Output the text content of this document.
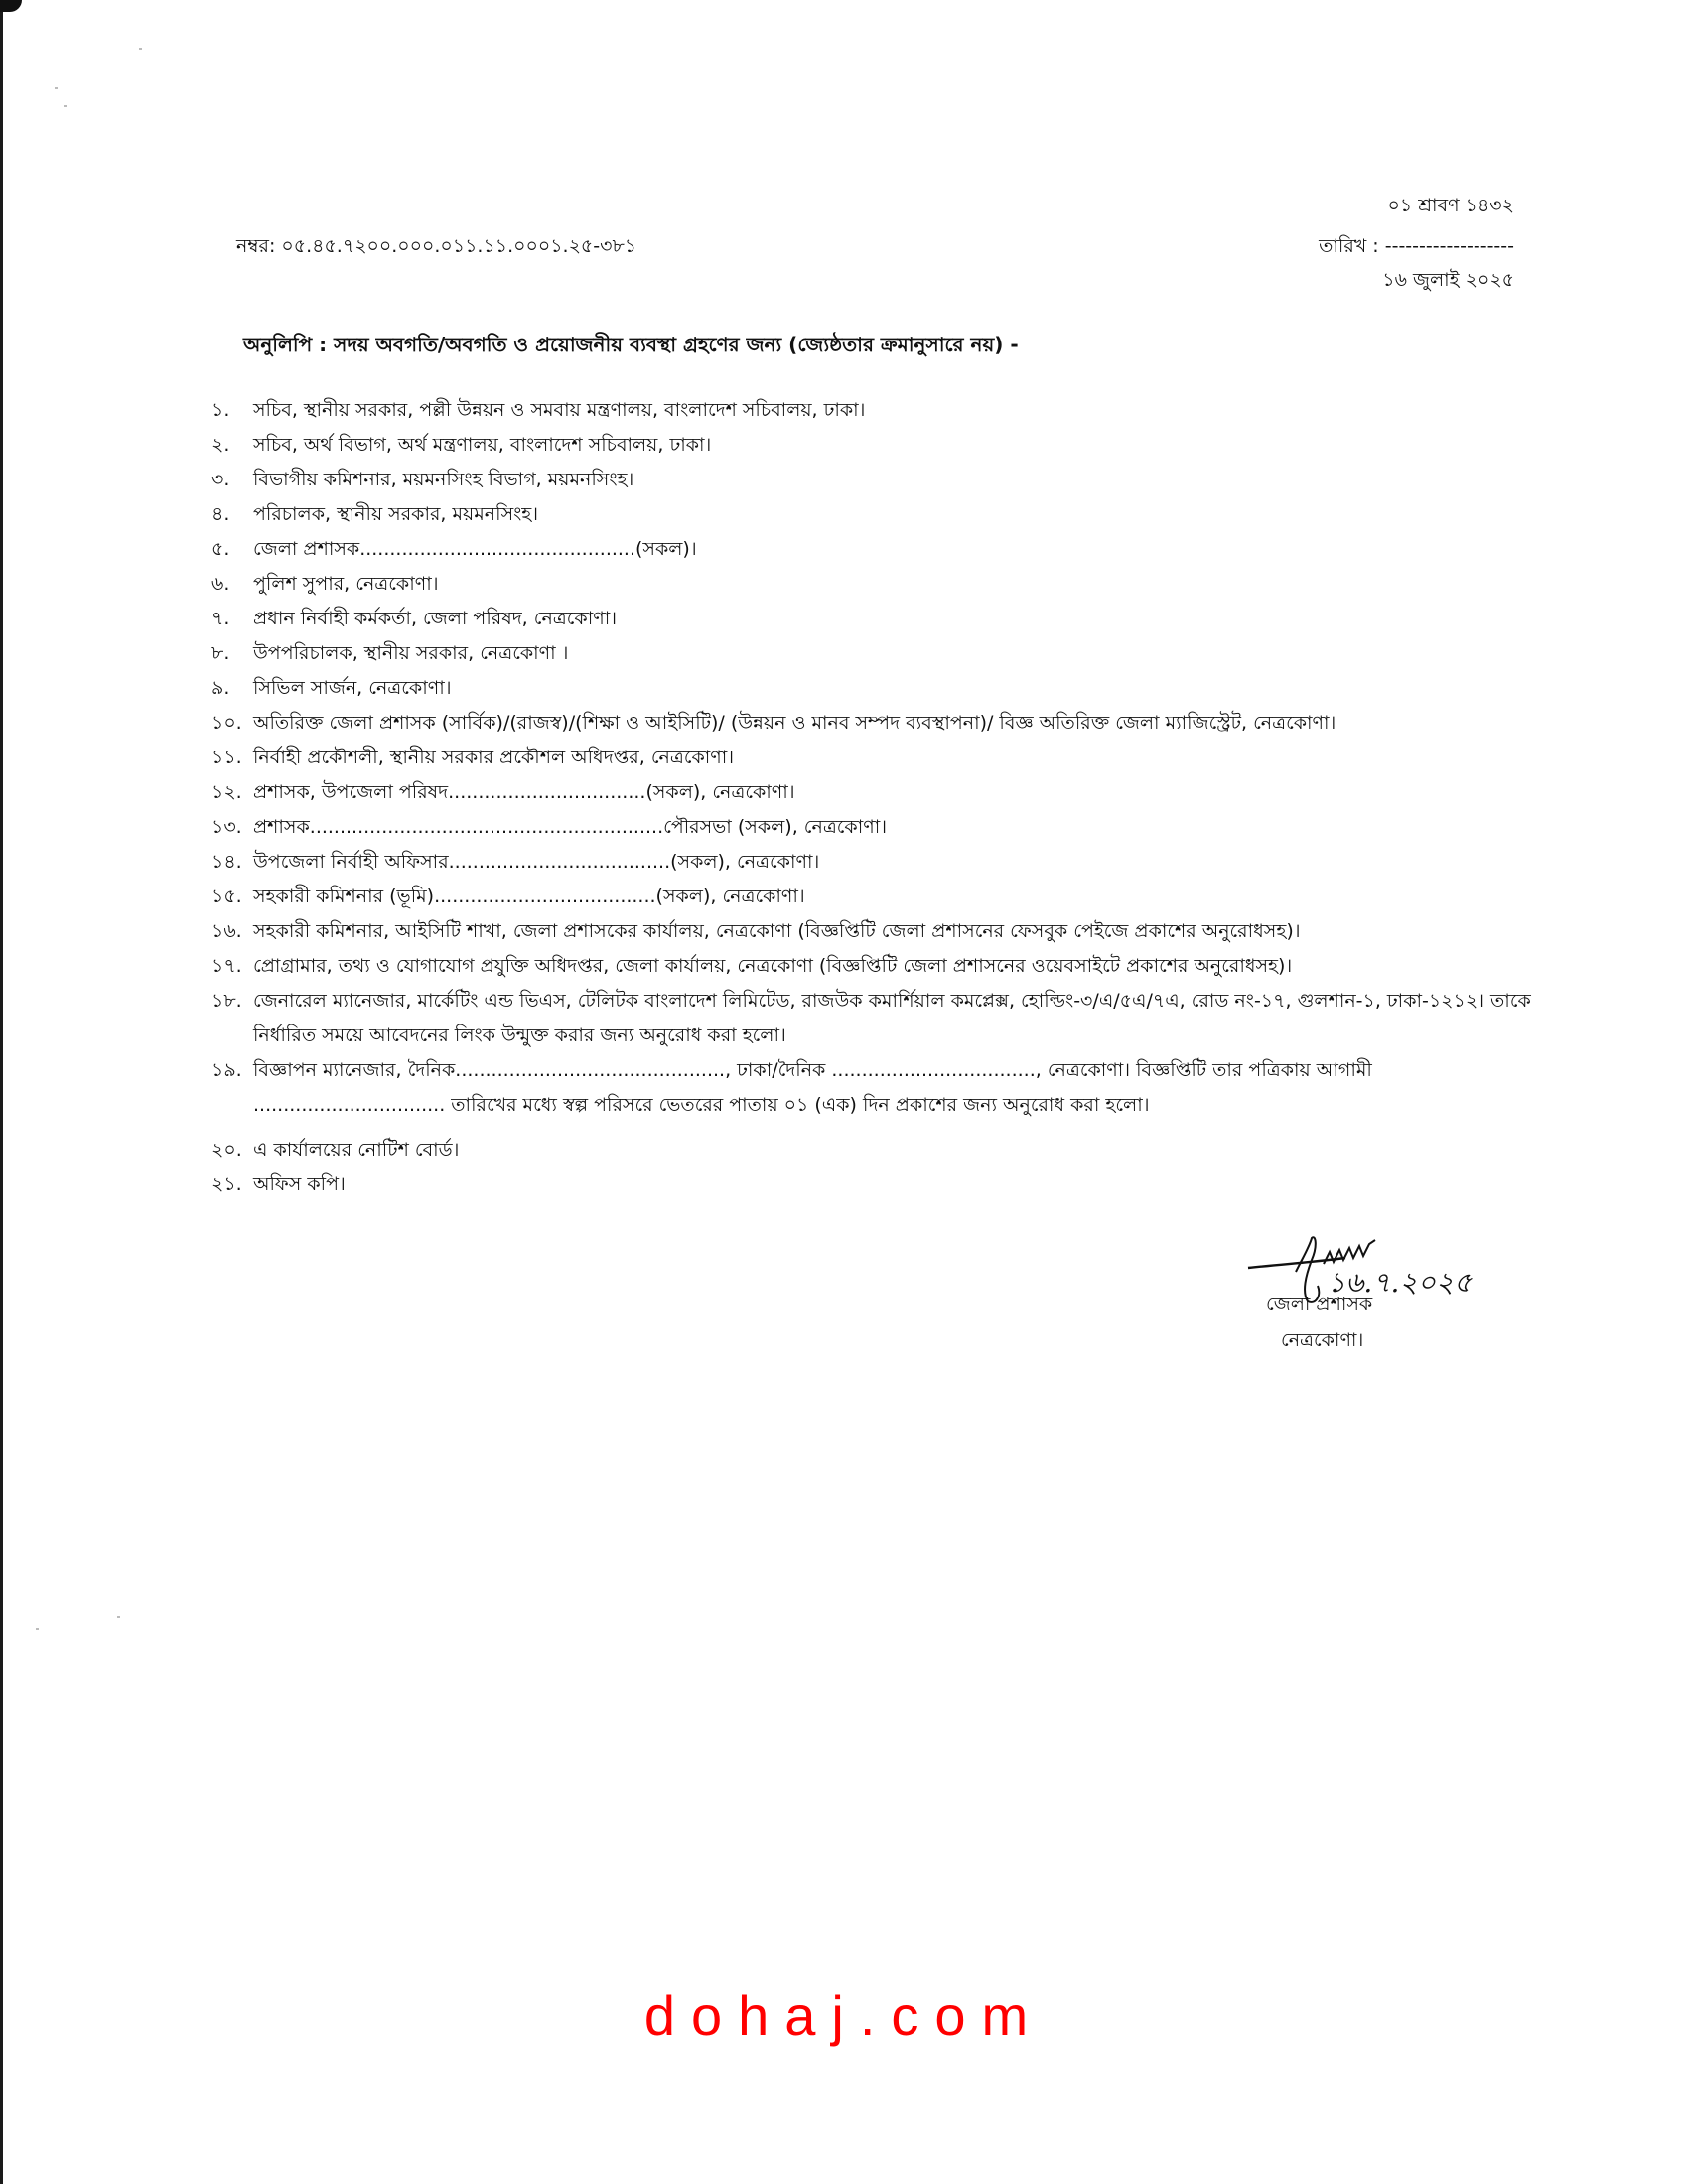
০১ শ্রাবণ ১৪৩২
নম্বর: ০৫.৪৫.৭২০০.০০০.০১১.১১.০০০১.২৫-৩৮১	তারিখ : -------------------
১৬ জুলাই ২০২৫
অনুলিপি : সদয় অবগতি/অবগতি ও প্রয়োজনীয় ব্যবস্থা গ্রহণের জন্য (জ্যেষ্ঠতার ক্রমানুসারে নয়) -
১. সচিব, স্থানীয় সরকার, পল্লী উন্নয়ন ও সমবায় মন্ত্রণালয়, বাংলাদেশ সচিবালয়, ঢাকা।
২. সচিব, অর্থ বিভাগ, অর্থ মন্ত্রণালয়, বাংলাদেশ সচিবালয়, ঢাকা।
৩. বিভাগীয় কমিশনার, ময়মনসিংহ বিভাগ, ময়মনসিংহ।
৪. পরিচালক, স্থানীয় সরকার, ময়মনসিংহ।
৫. জেলা প্রশাসক..............................................(সকল)।
৬. পুলিশ সুপার, নেত্রকোণা।
৭. প্রধান নির্বাহী কর্মকর্তা, জেলা পরিষদ, নেত্রকোণা।
৮. উপপরিচালক, স্থানীয় সরকার, নেত্রকোণা ।
৯. সিভিল সার্জন, নেত্রকোণা।
১০. অতিরিক্ত জেলা প্রশাসক (সার্বিক)/(রাজস্ব)/(শিক্ষা ও আইসিটি)/ (উন্নয়ন ও মানব সম্পদ ব্যবস্থাপনা)/ বিজ্ঞ অতিরিক্ত জেলা ম্যাজিস্ট্রেট, নেত্রকোণা।
১১. নির্বাহী প্রকৌশলী, স্থানীয় সরকার প্রকৌশল অধিদপ্তর, নেত্রকোণা।
১২. প্রশাসক, উপজেলা পরিষদ.................................(সকল), নেত্রকোণা।
১৩. প্রশাসক...........................................................পৌরসভা (সকল), নেত্রকোণা।
১৪. উপজেলা নির্বাহী অফিসার.....................................(সকল), নেত্রকোণা।
১৫. সহকারী কমিশনার (ভূমি).....................................(সকল), নেত্রকোণা।
১৬. সহকারী কমিশনার, আইসিটি শাখা, জেলা প্রশাসকের কার্যালয়, নেত্রকোণা (বিজ্ঞপ্তিটি জেলা প্রশাসনের ফেসবুক পেইজে প্রকাশের অনুরোধসহ)।
১৭. প্রোগ্রামার, তথ্য ও যোগাযোগ প্রযুক্তি অধিদপ্তর, জেলা কার্যালয়, নেত্রকোণা (বিজ্ঞপ্তিটি জেলা প্রশাসনের ওয়েবসাইটে প্রকাশের অনুরোধসহ)।
১৮. জেনারেল ম্যানেজার, মার্কেটিং এন্ড ভিএস, টেলিটক বাংলাদেশ লিমিটেড, রাজউক কমার্শিয়াল কমপ্লেক্স, হোল্ডিং-৩/এ/৫এ/৭এ, রোড নং-১৭, গুলশান-১, ঢাকা-১২১২। তাকে নির্ধারিত সময়ে আবেদনের লিংক উন্মুক্ত করার জন্য অনুরোধ করা হলো।
১৯. বিজ্ঞাপন ম্যানেজার, দৈনিক............................................., ঢাকা/দৈনিক .................................., নেত্রকোণা। বিজ্ঞপ্তিটি তার পত্রিকায় আগামী ................................ তারিখের মধ্যে স্বল্প পরিসরে ভেতরের পাতায় ০১ (এক) দিন প্রকাশের জন্য অনুরোধ করা হলো।
২০. এ কার্যালয়ের নোটিশ বোর্ড।
২১. অফিস কপি।
১৬.৭.২০২৫
জেলা প্রশাসক
নেত্রকোণা।
dohaj.com
